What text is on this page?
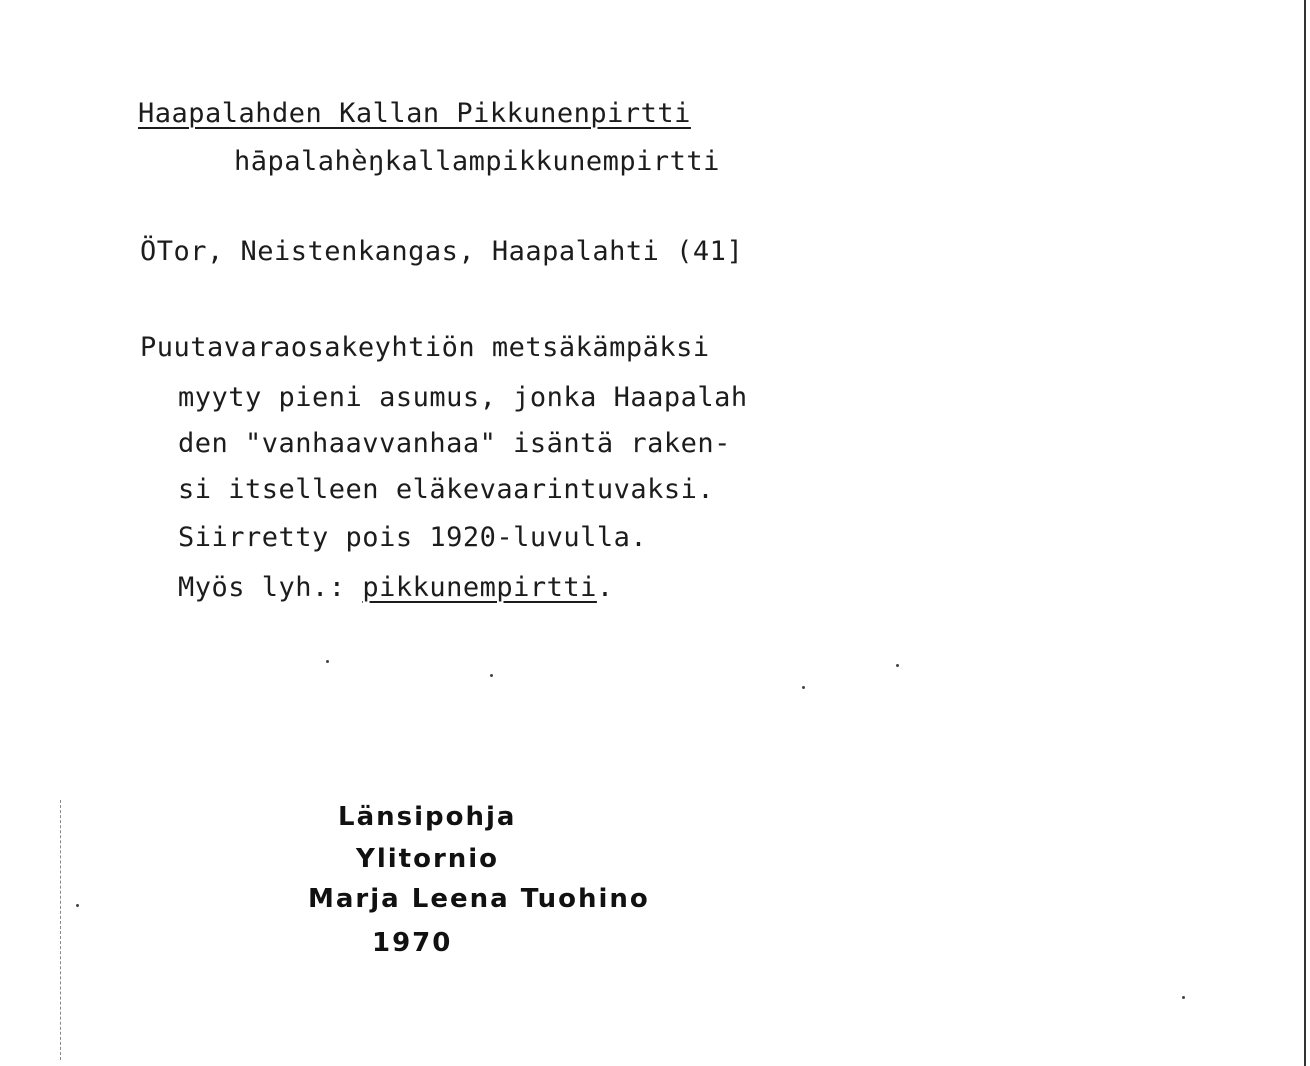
Haapalahden Kallan Pikkunenpirtti
hāpalahèŋkallampikkunempirtti
ÖTor, Neistenkangas, Haapalahti (41]
Puutavaraosakeyhtiön metsäkämpäksi
myyty pieni asumus, jonka Haapalah
den "vanhaavvanhaa" isäntä raken-
si itselleen eläkevaarintuvaksi.
Siirretty pois 1920-luvulla.
Myös lyh.: pikkunempirtti.
Länsipohja
Ylitornio
Marja Leena Tuohino
1970
